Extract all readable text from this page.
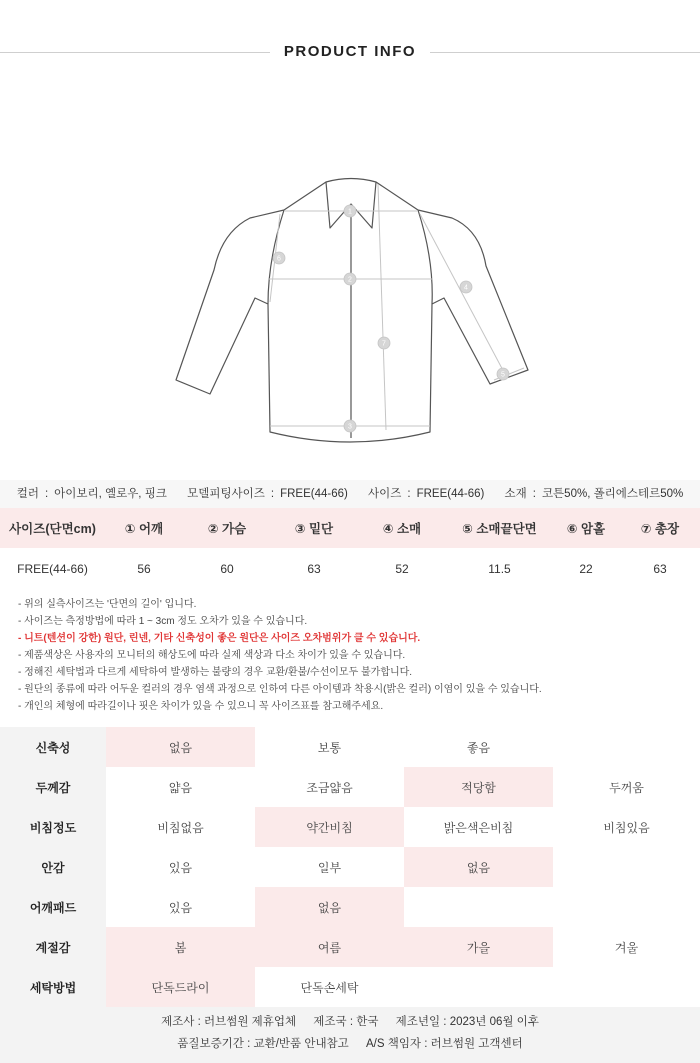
PRODUCT INFO
1
2
3
4
5
6
7
컬러 : 아이보리, 옐로우, 핑크 모델피팅사이즈 : FREE(44-66) 사이즈 : FREE(44-66) 소재 : 코튼50%, 폴리에스테르50%
사이즈(단면cm)	① 어깨	② 가슴	③ 밑단	④ 소매	⑤ 소매끝단면	⑥ 암홀	⑦ 총장
FREE(44-66)	56	60	63	52	11.5	22	63
- 위의 실측사이즈는 '단면의 길이' 입니다.
- 사이즈는 측정방법에 따라 1 ~ 3cm 정도 오차가 있을 수 있습니다.
- 니트(텐션이 강한) 원단, 린넨, 기타 신축성이 좋은 원단은 사이즈 오차범위가 클 수 있습니다.
- 제품색상은 사용자의 모니터의 해상도에 따라 실제 색상과 다소 차이가 있을 수 있습니다.
- 정해진 세탁법과 다르게 세탁하여 발생하는 불량의 경우 교환/환불/수선이모두 불가합니다.
- 원단의 종류에 따라 어두운 컬러의 경우 염색 과정으로 인하여 다른 아이템과 착용시(밝은 컬러) 이염이 있을 수 있습니다.
- 개인의 체형에 따라길이나 핏은 차이가 있을 수 있으니 꼭 사이즈표를 참고해주세요.
신축성	없음	보통	좋음	
두께감	얇음	조금얇음	적당함	두꺼움
비침정도	비침없음	약간비침	밝은색은비침	비침있음
안감	있음	일부	없음	
어깨패드	있음	없음		
계절감	봄	여름	가을	겨울
세탁방법	단독드라이	단독손세탁		
제조사 : 러브썸원 제휴업체 제조국 : 한국 제조년일 : 2023년 06월 이후
품질보증기간 : 교환/반품 안내참고 A/S 책임자 : 러브썸원 고객센터
